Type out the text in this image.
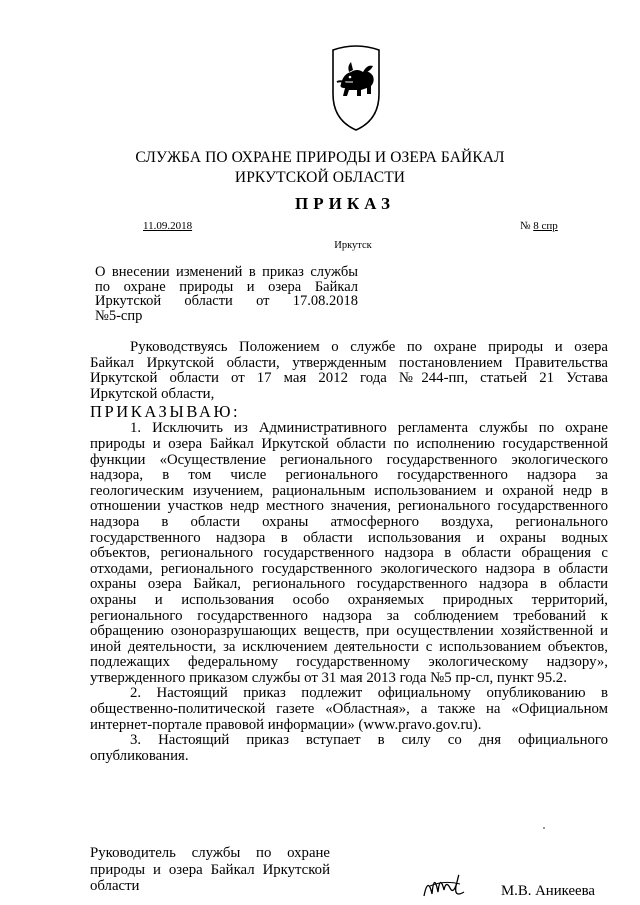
СЛУЖБА ПО ОХРАНЕ ПРИРОДЫ И ОЗЕРА БАЙКАЛ
ИРКУТСКОЙ ОБЛАСТИ
ПРИКАЗ
11.09.2018	№ 8 спр
Иркутск
О внесении изменений в приказ службы
по охране природы и озера Байкал
Иркутской области от 17.08.2018
№5-спр
Руководствуясь Положением о службе по охране природы и озера
Байкал Иркутской области, утвержденным постановлением Правительства
Иркутской области от 17 мая 2012 года №244-пп, статьей 21 Устава
Иркутской области,
ПРИКАЗЫВАЮ:
1. Исключить из Административного регламента службы по охране
природы и озера Байкал Иркутской области по исполнению государственной
функции «Осуществление регионального государственного экологического
надзора, в том числе регионального государственного надзора за
геологическим изучением, рациональным использованием и охраной недр в
отношении участков недр местного значения, регионального государственного
надзора в области охраны атмосферного воздуха, регионального
государственного надзора в области использования и охраны водных
объектов, регионального государственного надзора в области обращения с
отходами, регионального государственного экологического надзора в области
охраны озера Байкал, регионального государственного надзора в области
охраны и использования особо охраняемых природных территорий,
регионального государственного надзора за соблюдением требований к
обращению озоноразрушающих веществ, при осуществлении хозяйственной и
иной деятельности, за исключением деятельности с использованием объектов,
подлежащих федеральному государственному экологическому надзору»,
утвержденного приказом службы от 31 мая 2013 года №5 пр-сл, пункт 95.2.
2. Настоящий приказ подлежит официальному опубликованию в
общественно-политической газете «Областная», а также на «Официальном
интернет-портале правовой информации» (www.pravo.gov.ru).
3. Настоящий приказ вступает в силу со дня официального
опубликования.
Руководитель службы по охране
природы и озера Байкал Иркутской
области	М.В. Аникеева
